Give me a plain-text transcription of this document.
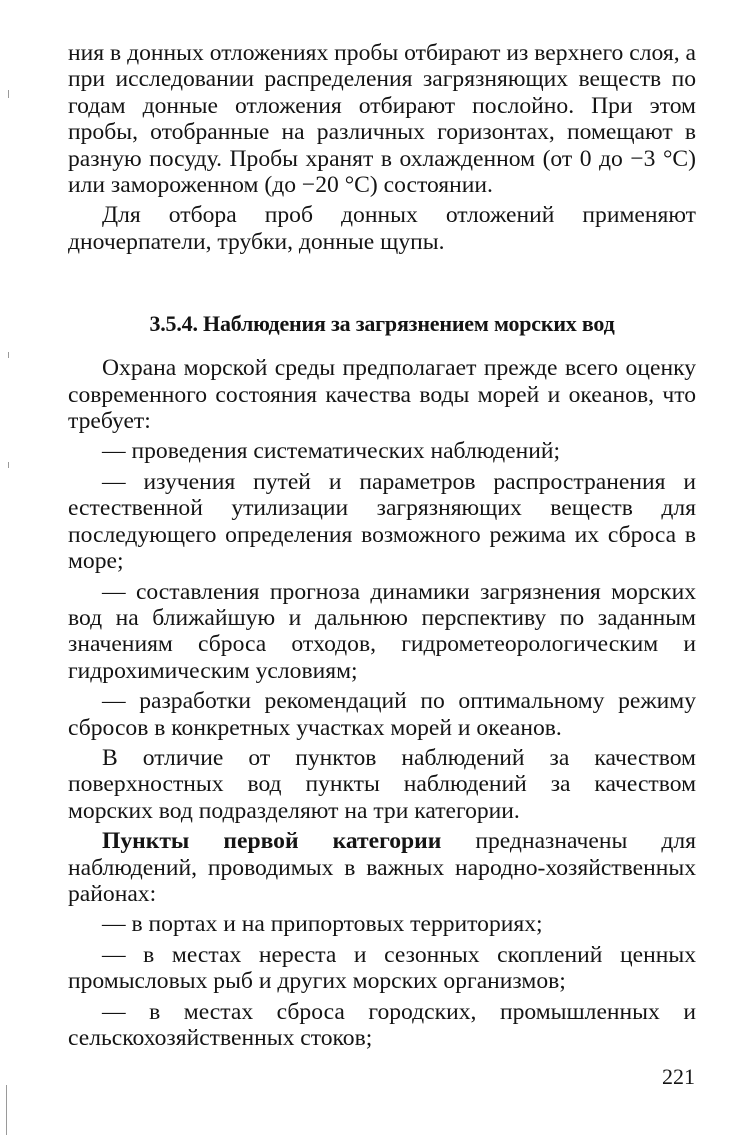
ния в донных отложениях пробы отбирают из верхнего слоя, а при исследовании распределения загрязняющих веществ по годам донные отложения отбирают послойно. При этом пробы, отобранные на различных горизонтах, помещают в разную посуду. Пробы хранят в охлажденном (от 0 до −3 °С) или замороженном (до −20 °С) состоянии.

Для отбора проб донных отложений применяют дночерпатели, трубки, донные щупы.

3.5.4. Наблюдения за загрязнением морских вод

Охрана морской среды предполагает прежде всего оценку современного состояния качества воды морей и океанов, что требует:

— проведения систематических наблюдений;

— изучения путей и параметров распространения и естественной утилизации загрязняющих веществ для последующего определения возможного режима их сброса в море;

— составления прогноза динамики загрязнения морских вод на ближайшую и дальнюю перспективу по заданным значениям сброса отходов, гидрометеорологическим и гидрохимическим условиям;

— разработки рекомендаций по оптимальному режиму сбросов в конкретных участках морей и океанов.

В отличие от пунктов наблюдений за качеством поверхностных вод пункты наблюдений за качеством морских вод подразделяют на три категории.

Пункты первой категории предназначены для наблюдений, проводимых в важных народно-хозяйственных районах:

— в портах и на припортовых территориях;

— в местах нереста и сезонных скоплений ценных промысловых рыб и других морских организмов;

— в местах сброса городских, промышленных и сельскохозяйственных стоков;

221
